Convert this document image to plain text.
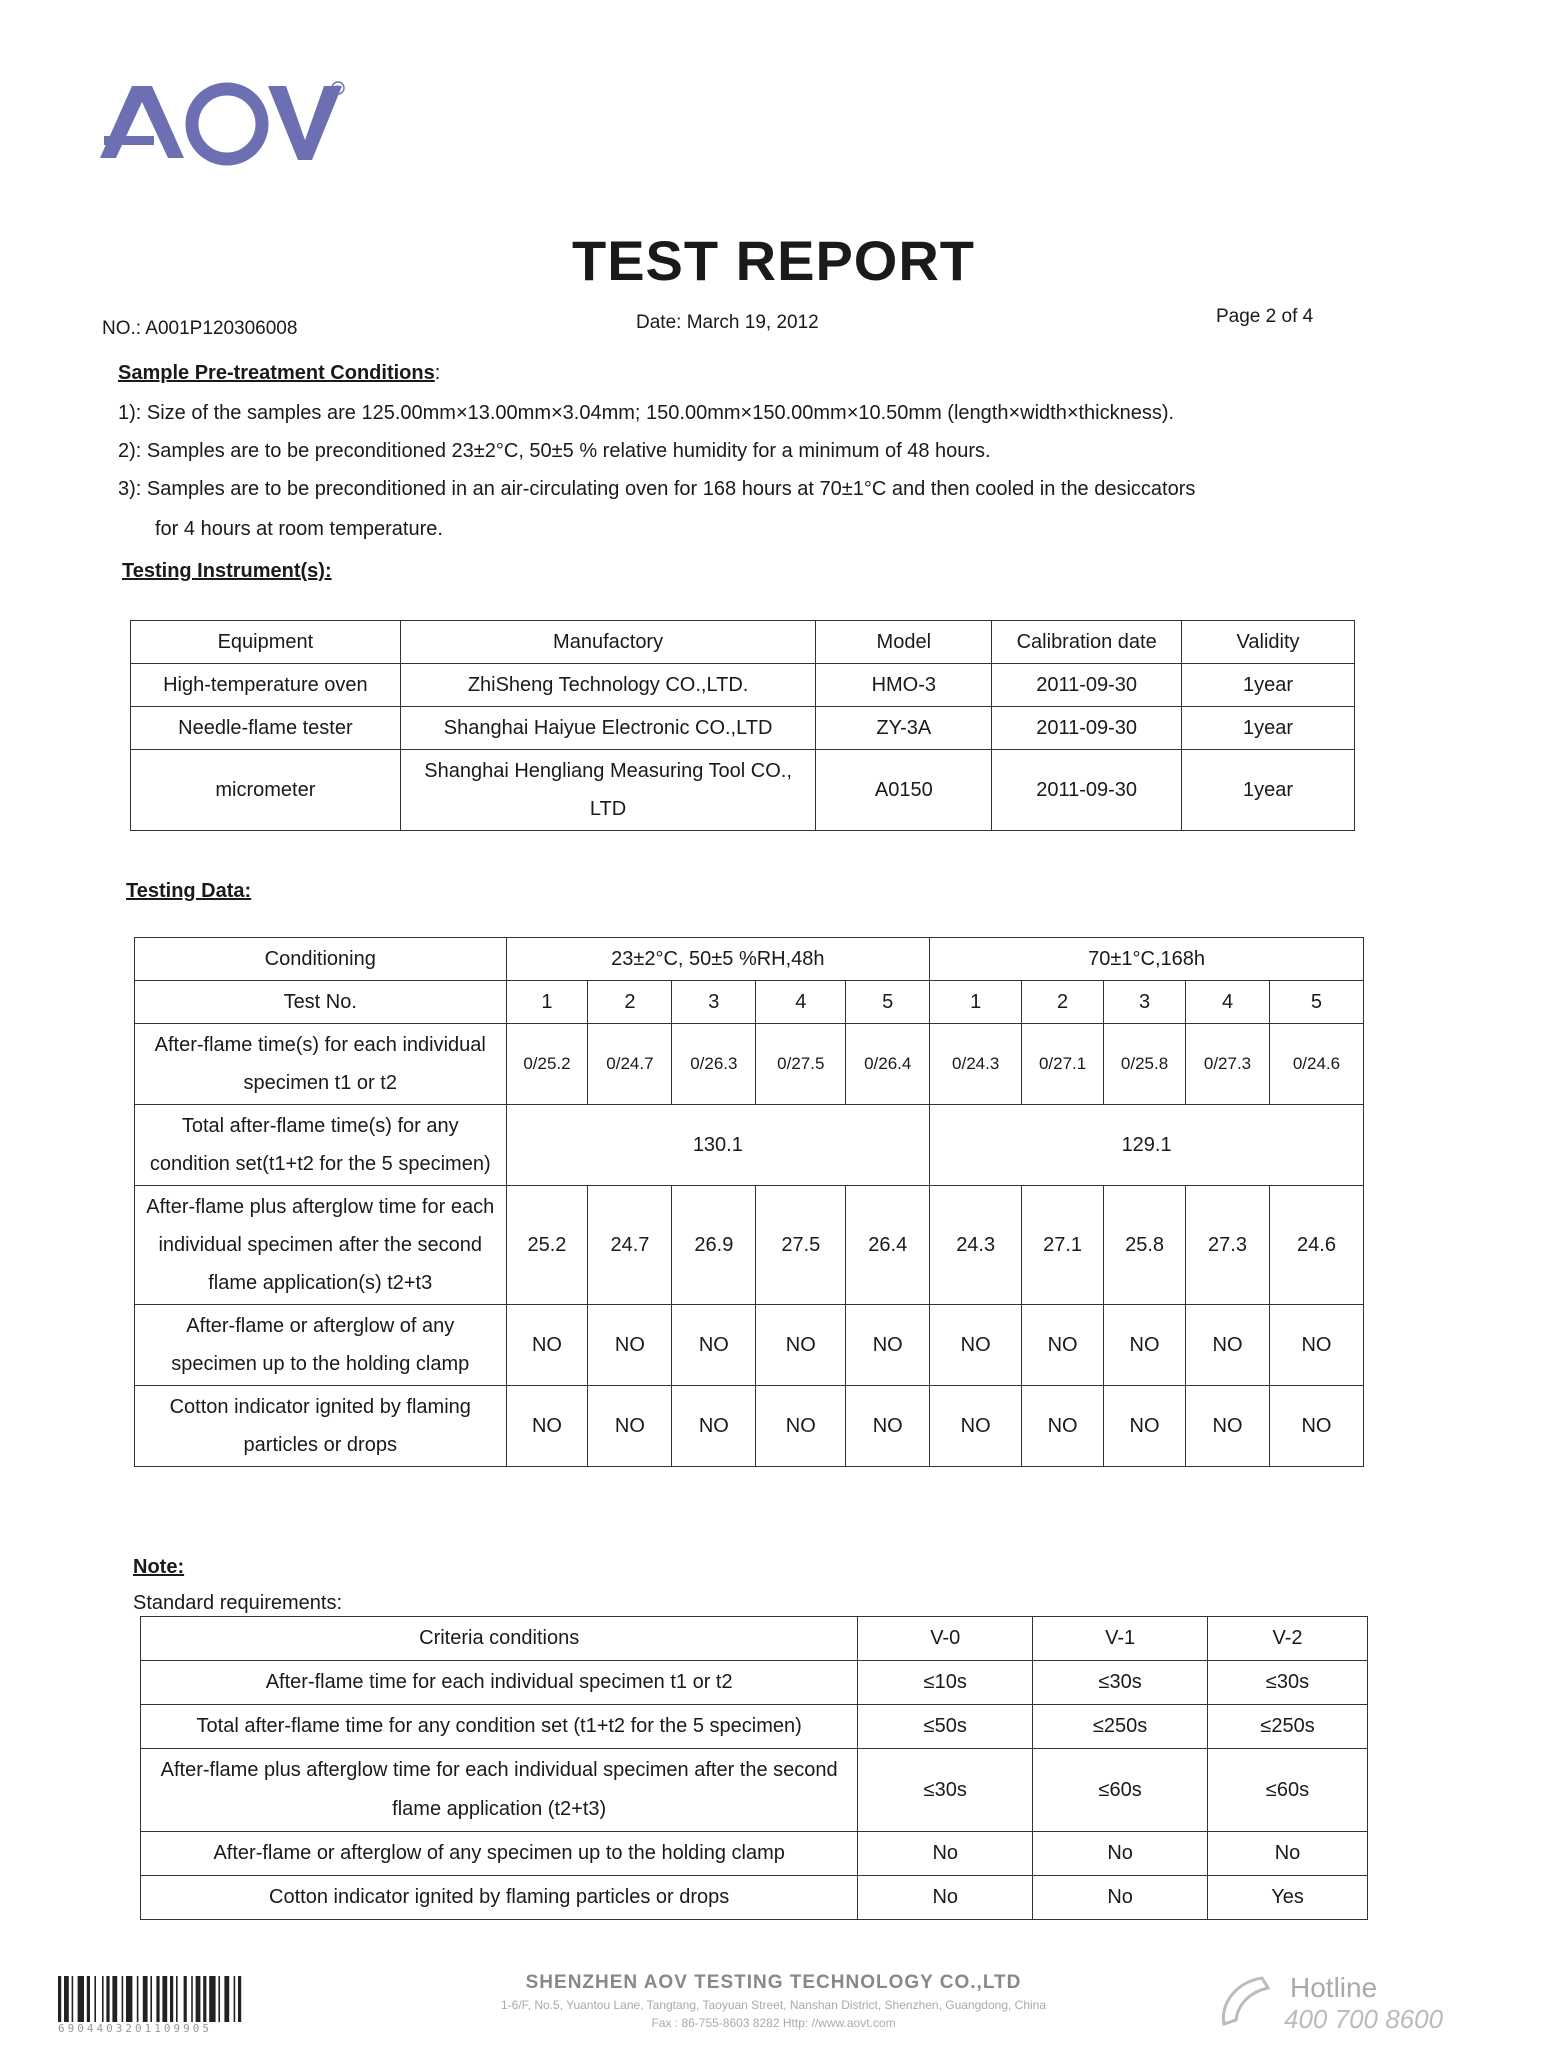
R
TEST REPORT
NO.: A001P120306008	Date: March 19, 2012	Page 2 of 4
Sample Pre-treatment Conditions:
1): Size of the samples are 125.00mm×13.00mm×3.04mm; 150.00mm×150.00mm×10.50mm (length×width×thickness).
2): Samples are to be preconditioned 23±2°C, 50±5 % relative humidity for a minimum of 48 hours.
3): Samples are to be preconditioned in an air-circulating oven for 168 hours at 70±1°C and then cooled in the desiccators
for 4 hours at room temperature.
Testing Instrument(s):
Equipment	Manufactory	Model	Calibration date	Validity
High-temperature oven	ZhiSheng Technology CO.,LTD.	HMO-3	2011-09-30	1year
Needle-flame tester	Shanghai Haiyue Electronic CO.,LTD	ZY-3A	2011-09-30	1year
micrometer	Shanghai Hengliang Measuring Tool CO., LTD	A0150	2011-09-30	1year
Testing Data:
Conditioning	23±2°C, 50±5 %RH,48h					70±1°C,168h				
Test No.	1	2	3	4	5	1	2	3	4	5
After-flame time(s) for each individual specimen t1 or t2	0/25.2	0/24.7	0/26.3	0/27.5	0/26.4	0/24.3	0/27.1	0/25.8	0/27.3	0/24.6
Total after-flame time(s) for any condition set(t1+t2 for the 5 specimen)	130.1					129.1				
After-flame plus afterglow time for each individual specimen after the second flame application(s) t2+t3	25.2	24.7	26.9	27.5	26.4	24.3	27.1	25.8	27.3	24.6
After-flame or afterglow of any specimen up to the holding clamp	NO	NO	NO	NO	NO	NO	NO	NO	NO	NO
Cotton indicator ignited by flaming particles or drops	NO	NO	NO	NO	NO	NO	NO	NO	NO	NO
Note:
Standard requirements:
Criteria conditions	V-0	V-1	V-2
After-flame time for each individual specimen t1 or t2	≤10s	≤30s	≤30s
Total after-flame time for any condition set (t1+t2 for the 5 specimen)	≤50s	≤250s	≤250s
After-flame plus afterglow time for each individual specimen after the second flame application (t2+t3)	≤30s	≤60s	≤60s
After-flame or afterglow of any specimen up to the holding clamp	No	No	No
Cotton indicator ignited by flaming particles or drops	No	No	Yes
6904403201109905
SHENZHEN AOV TESTING TECHNOLOGY CO.,LTD
1-6/F, No.5, Yuantou Lane, Tangtang, Taoyuan Street, Nanshan District, Shenzhen, Guangdong, China
Fax : 86-755-8603 8282 Http: //www.aovt.com
Hotline
400 700 8600
